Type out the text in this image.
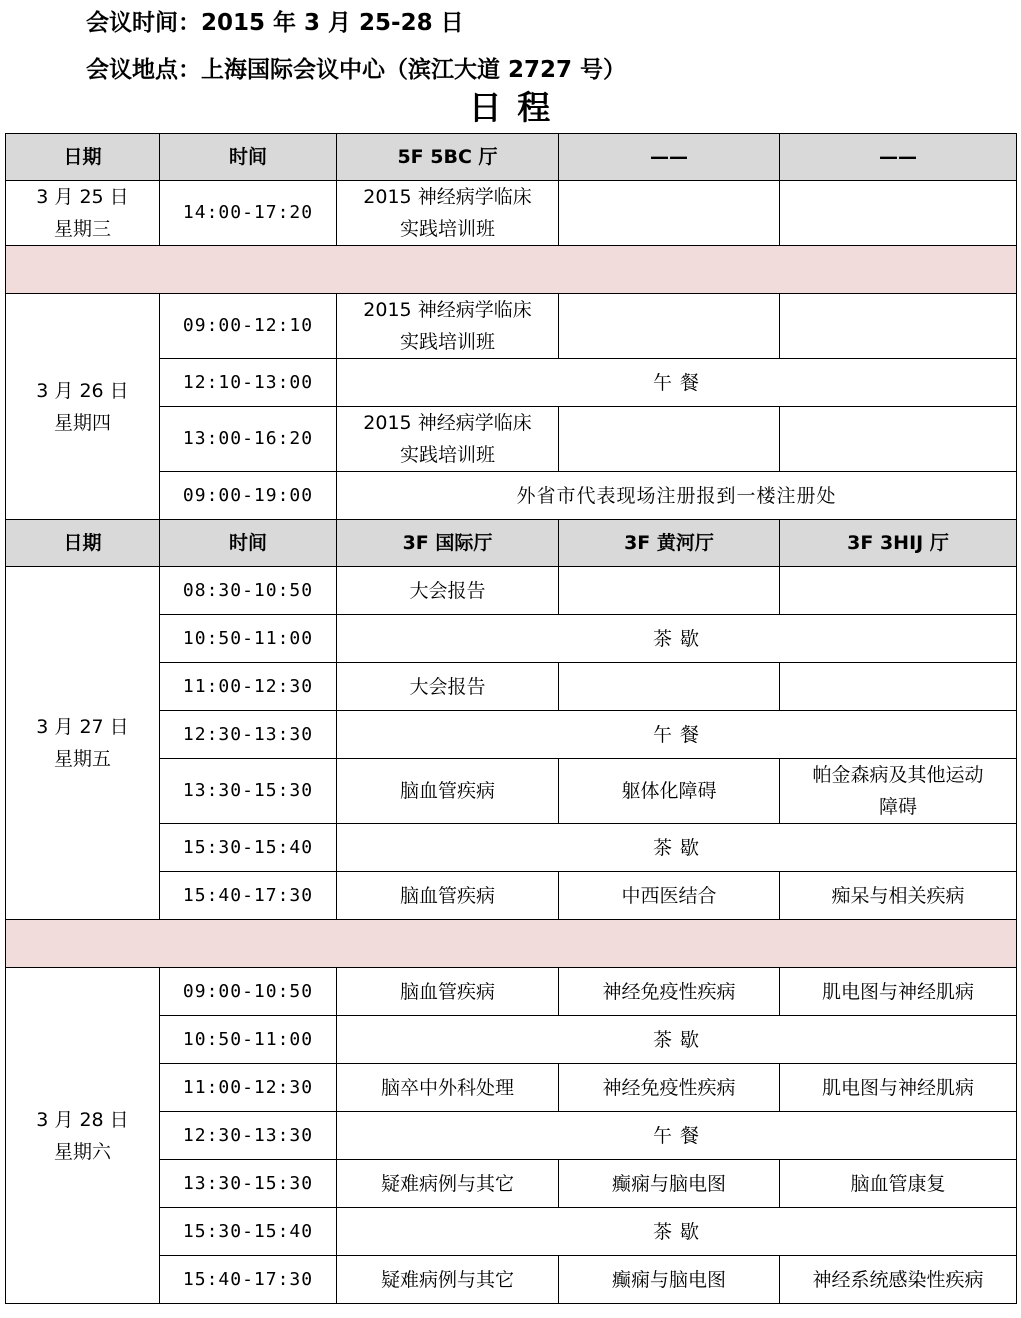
会议时间：2015 年 3 月 25-28 日
会议地点：上海国际会议中心（滨江大道 2727 号）
日 程
日期	时间	5F 5BC 厅	——	——

3 月 25 日
星期三	14:00-17:20	2015 神经病学临床
实践培训班		

3 月 26 日
星期四	09:00-12:10	2015 神经病学临床
实践培训班		

	12:10-13:00	午 餐		
	13:00-16:20	2015 神经病学临床
实践培训班		

	09:00-19:00	外省市代表现场注册报到一楼注册处		
日期	时间	3F 国际厅	3F 黄河厅	3F 3HIJ 厅

3 月 27 日
星期五	08:30-10:50	大会报告		
	10:50-11:00	茶 歇		
	11:00-12:30	大会报告		
	12:30-13:30	午 餐		
	13:30-15:30	脑血管疾病	躯体化障碍	帕金森病及其他运动
障碍

	15:30-15:40	茶 歇		
	15:40-17:30	脑血管疾病	中西医结合	痴呆与相关疾病

3 月 28 日
星期六	09:00-10:50	脑血管疾病	神经免疫性疾病	肌电图与神经肌病
	10:50-11:00	茶 歇		
	11:00-12:30	脑卒中外科处理	神经免疫性疾病	肌电图与神经肌病
	12:30-13:30	午 餐		
	13:30-15:30	疑难病例与其它	癫痫与脑电图	脑血管康复
	15:30-15:40	茶 歇		
	15:40-17:30	疑难病例与其它	癫痫与脑电图	神经系统感染性疾病
